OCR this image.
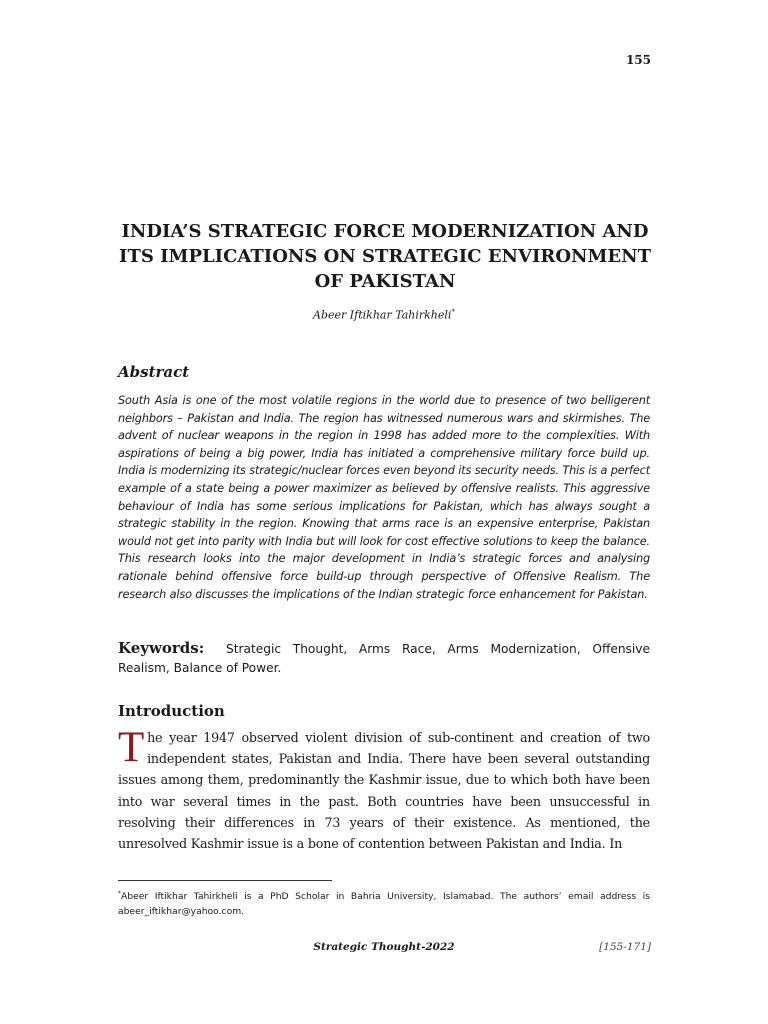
155
INDIA’S STRATEGIC FORCE MODERNIZATION AND
ITS IMPLICATIONS ON STRATEGIC ENVIRONMENT
OF PAKISTAN
Abeer Iftikhar Tahirkheli*
Abstract
South Asia is one of the most volatile regions in the world due to presence of two belligerent neighbors – Pakistan and India. The region has witnessed numerous wars and skirmishes. The advent of nuclear weapons in the region in 1998 has added more to the complexities. With aspirations of being a big power, India has initiated a comprehensive military force build up. India is modernizing its strategic/nuclear forces even beyond its security needs. This is a perfect example of a state being a power maximizer as believed by offensive realists. This aggressive behaviour of India has some serious implications for Pakistan, which has always sought a strategic stability in the region. Knowing that arms race is an expensive enterprise, Pakistan would not get into parity with India but will look for cost effective solutions to keep the balance. This research looks into the major development in India’s strategic forces and analysing rationale behind offensive force build-up through perspective of Offensive Realism. The research also discusses the implications of the Indian strategic force enhancement for Pakistan.
Keywords: Strategic Thought, Arms Race, Arms Modernization, Offensive Realism, Balance of Power.
Introduction
The year 1947 observed violent division of sub-continent and creation of two independent states, Pakistan and India. There have been several outstanding issues among them, predominantly the Kashmir issue, due to which both have been into war several times in the past. Both countries have been unsuccessful in resolving their differences in 73 years of their existence. As mentioned, the unresolved Kashmir issue is a bone of contention between Pakistan and India. In
*Abeer Iftikhar Tahirkheli is a PhD Scholar in Bahria University, Islamabad. The authors’ email address is abeer_iftikhar@yahoo.com.
Strategic Thought-2022	[155-171]
